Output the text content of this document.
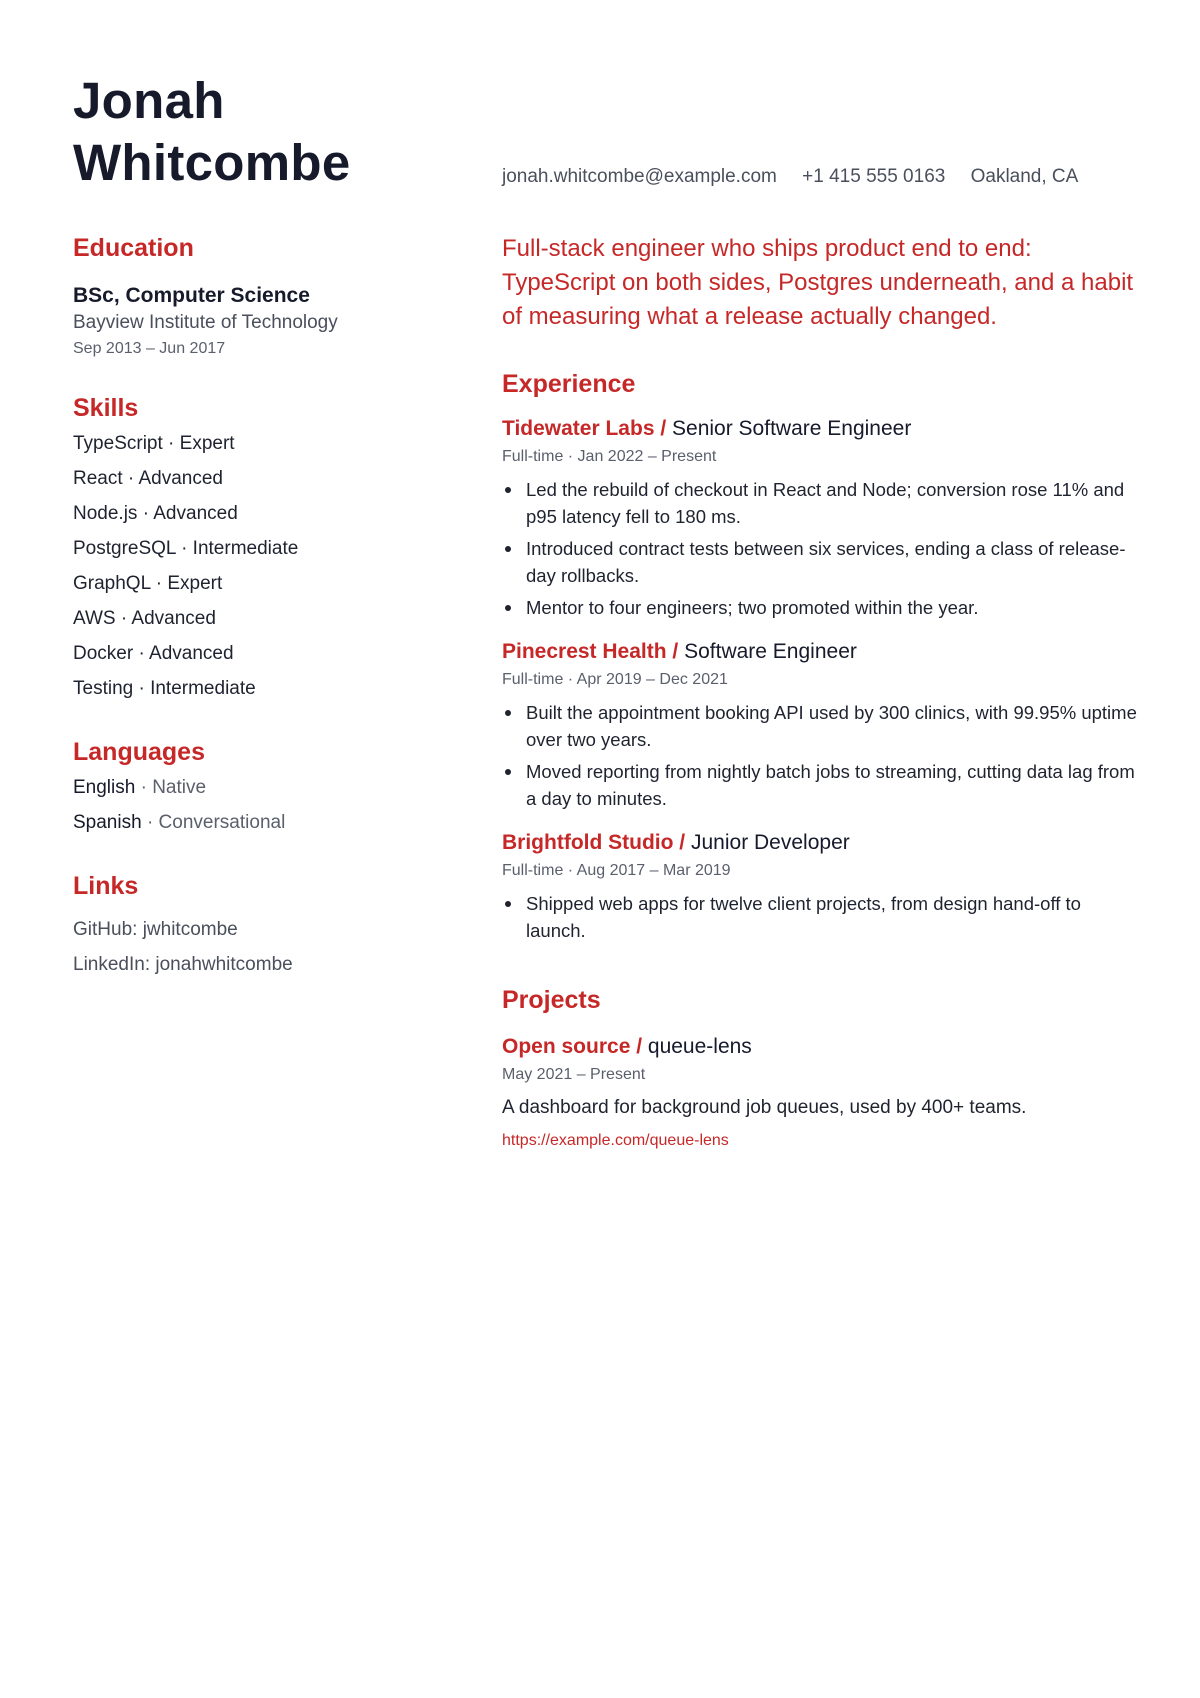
Jonah
Whitcombe	jonah.whitcombe@example.com +1 415 555 0163 Oakland, CA
Education
BSc, Computer Science
Bayview Institute of Technology
Sep 2013 – Jun 2017
Skills
TypeScript · Expert
React · Advanced
Node.js · Advanced
PostgreSQL · Intermediate
GraphQL · Expert
AWS · Advanced
Docker · Advanced
Testing · Intermediate
Languages
English · Native
Spanish · Conversational
Links
GitHub: jwhitcombe
LinkedIn: jonahwhitcombe

Full-stack engineer who ships product end to end: TypeScript on both sides, Postgres underneath, and a habit of measuring what a release actually changed.

Experience
Tidewater Labs / Senior Software Engineer
Full-time · Jan 2022 – Present
Led the rebuild of checkout in React and Node; conversion rose 11% and p95 latency fell to 180 ms.
Introduced contract tests between six services, ending a class of release-day rollbacks.
Mentor to four engineers; two promoted within the year.
Pinecrest Health / Software Engineer
Full-time · Apr 2019 – Dec 2021
Built the appointment booking API used by 300 clinics, with 99.95% uptime over two years.
Moved reporting from nightly batch jobs to streaming, cutting data lag from a day to minutes.
Brightfold Studio / Junior Developer
Full-time · Aug 2017 – Mar 2019
Shipped web apps for twelve client projects, from design hand-off to launch.
Projects
Open source / queue-lens
May 2021 – Present
A dashboard for background job queues, used by 400+ teams.
https://example.com/queue-lens
